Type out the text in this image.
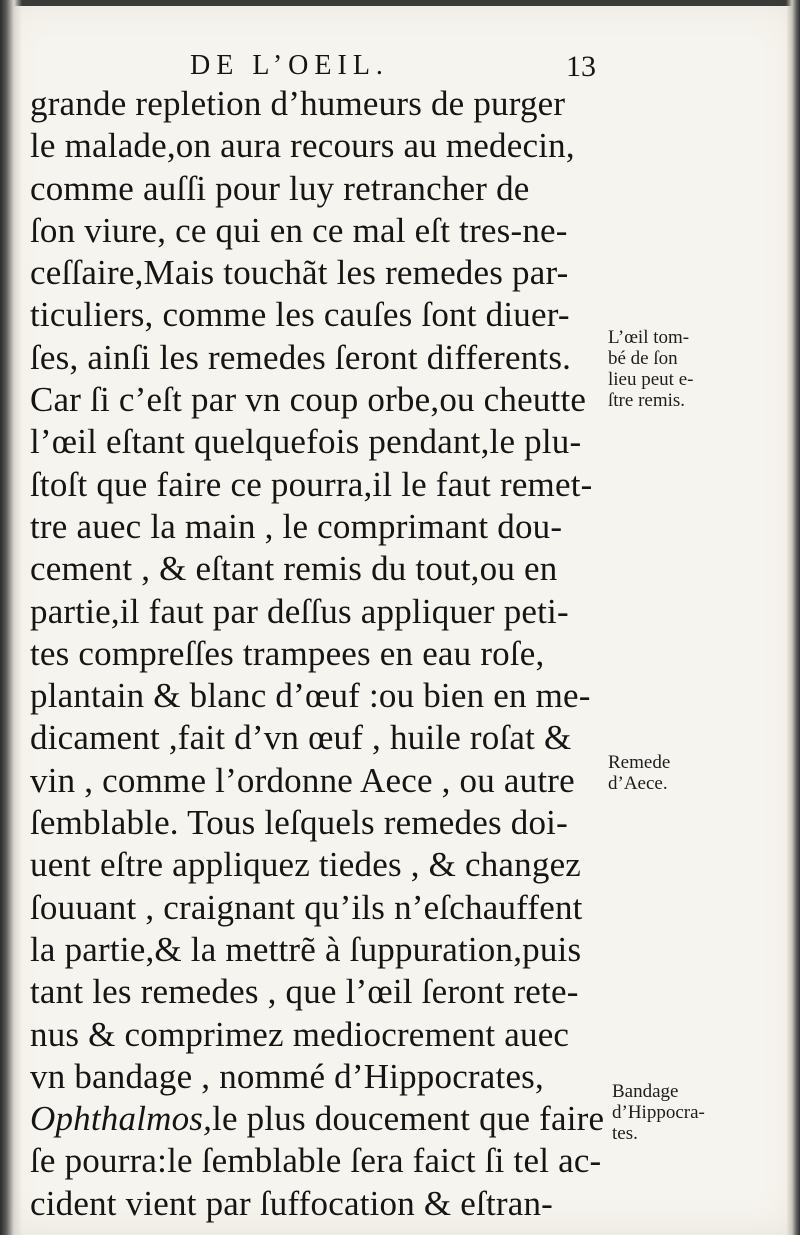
DE L’OEIL.	13
grande repletion d’humeurs de purger
le malade,on aura recours au medecin,
comme auſſi pour luy retrancher de
ſon viure, ce qui en ce mal eſt tres-ne-
ceſſaire,Mais touchãt les remedes par-
ticuliers, comme les cauſes ſont diuer-
ſes, ainſi les remedes ſeront differents.
Car ſi c’eſt par vn coup orbe,ou cheutte
l’œil eſtant quelquefois pendant,le plu-
ſtoſt que faire ce pourra,il le faut remet-
tre auec la main , le comprimant dou-
cement , & eſtant remis du tout,ou en
partie,il faut par deſſus appliquer peti-
tes compreſſes trampees en eau roſe,
plantain & blanc d’œuf :ou bien en me-
dicament ,fait d’vn œuf , huile roſat &
vin , comme l’ordonne Aece , ou autre
ſemblable. Tous leſquels remedes doi-
uent eſtre appliquez tiedes , & changez
ſouuant , craignant qu’ils n’eſchauffent
la partie,& la mettrẽ à ſuppuration,puis
tant les remedes , que l’œil ſeront rete-
nus & comprimez mediocrement auec
vn bandage , nommé d’Hippocrates,
Ophthalmos,le plus doucement que faire
ſe pourra:le ſemblable ſera faict ſi tel ac-
cident vient par ſuffocation & eſtran-
L’œil tom-
bé de ſon
lieu peut e-
ſtre remis.
Remede
d’Aece.
Bandage
d’Hippocra-
tes.
